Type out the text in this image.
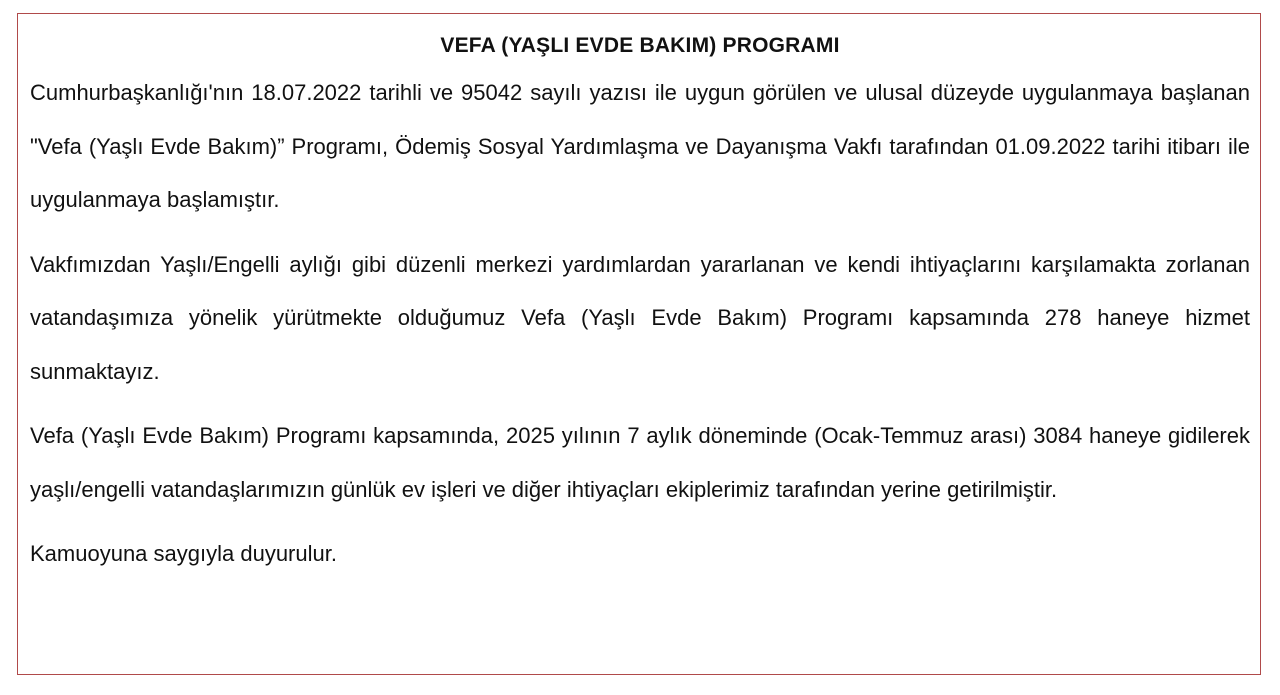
VEFA (YAŞLI EVDE BAKIM) PROGRAMI

Cumhurbaşkanlığı'nın 18.07.2022 tarihli ve 95042 sayılı yazısı ile uygun görülen ve ulusal düzeyde uygulanmaya başlanan "Vefa (Yaşlı Evde Bakım)” Programı, Ödemiş Sosyal Yardımlaşma ve Dayanışma Vakfı tarafından 01.09.2022 tarihi itibarı ile uygulanmaya başlamıştır.

Vakfımızdan Yaşlı/Engelli aylığı gibi düzenli merkezi yardımlardan yararlanan ve kendi ihtiyaçlarını karşılamakta zorlanan vatandaşımıza yönelik yürütmekte olduğumuz Vefa (Yaşlı Evde Bakım) Programı kapsamında 278 haneye hizmet sunmaktayız.

Vefa (Yaşlı Evde Bakım) Programı kapsamında, 2025 yılının 7 aylık döneminde (Ocak-Temmuz arası) 3084 haneye gidilerek yaşlı/engelli vatandaşlarımızın günlük ev işleri ve diğer ihtiyaçları ekiplerimiz tarafından yerine getirilmiştir.

Kamuoyuna saygıyla duyurulur.
